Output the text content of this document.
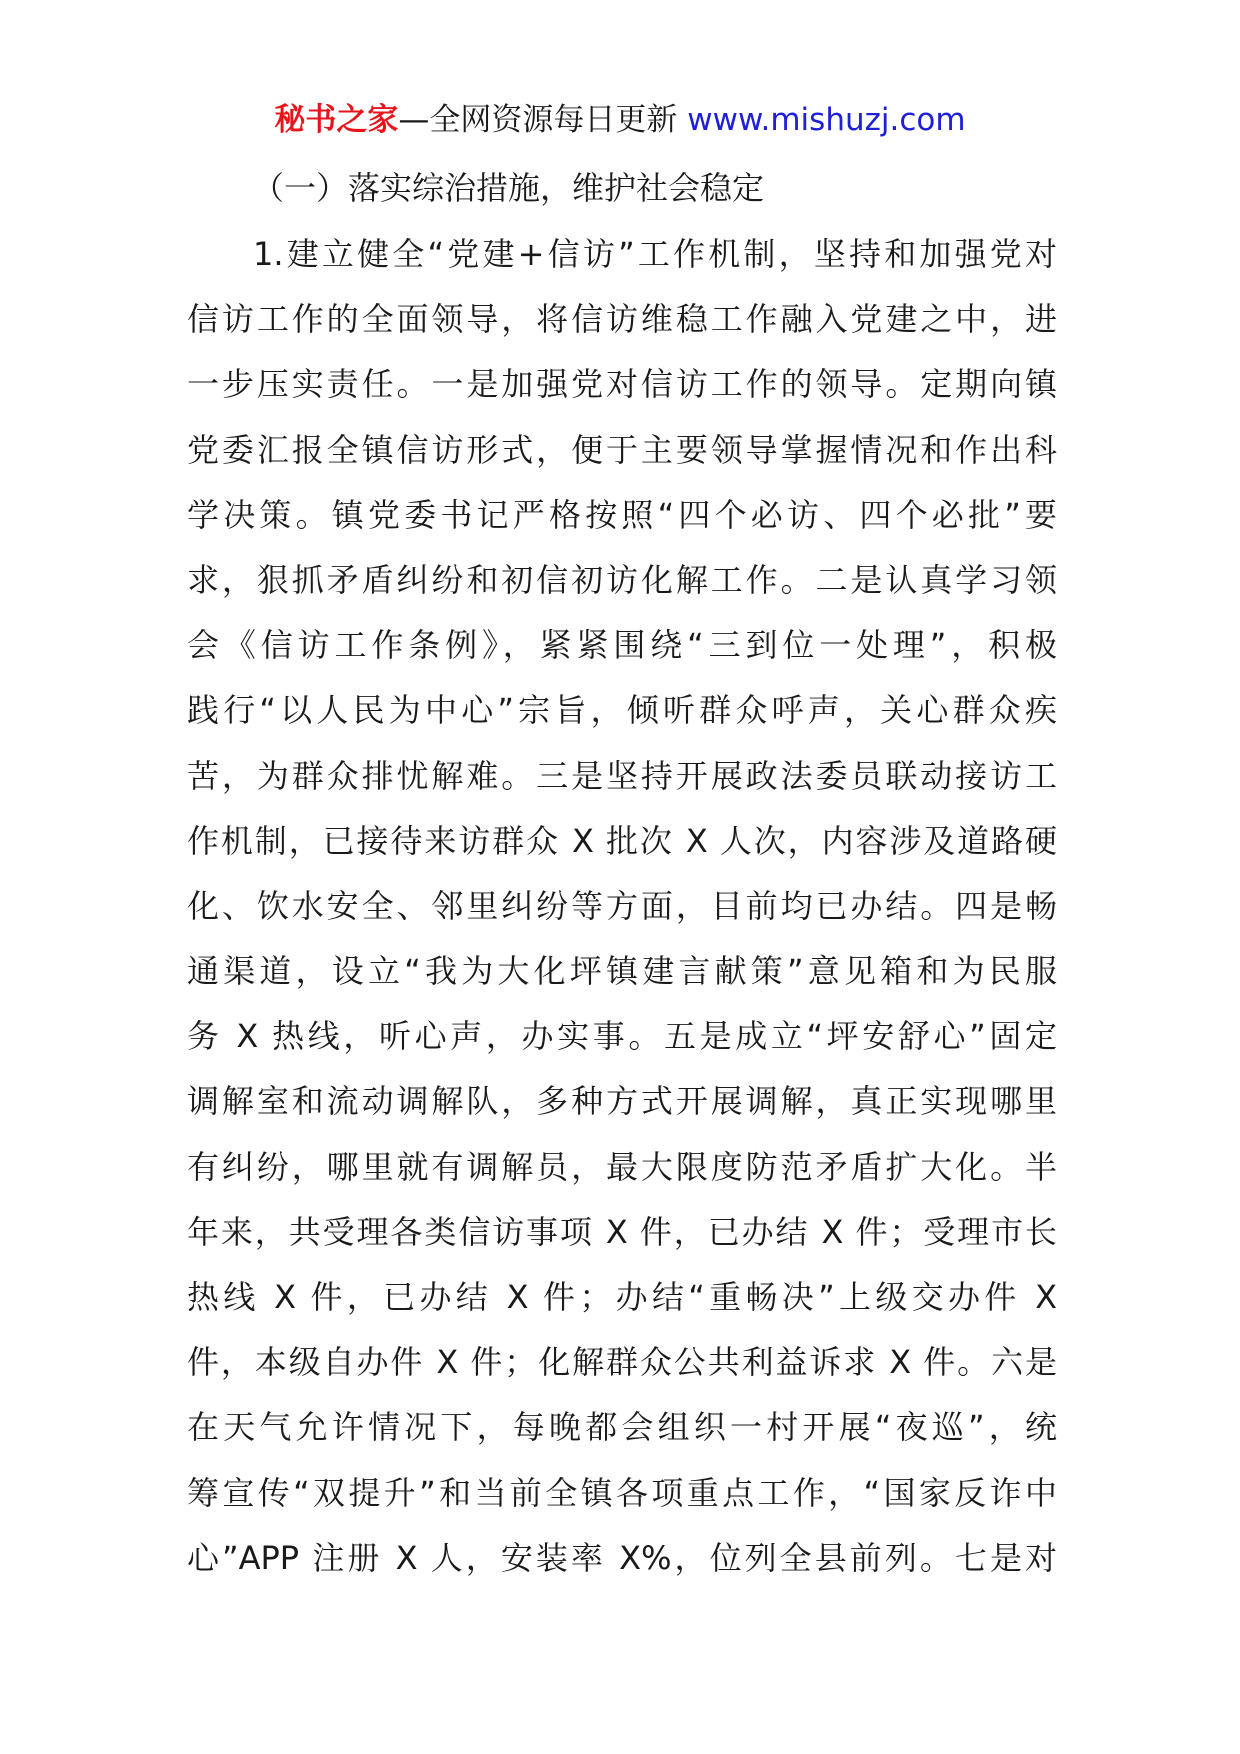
秘书之家—全网资源每日更新 www.mishuzj.com
（一）落实综治措施，维护社会稳定
1.建立健全“党建+信访”工作机制，坚持和加强党对
信访工作的全面领导，将信访维稳工作融入党建之中，进
一步压实责任。一是加强党对信访工作的领导。定期向镇
党委汇报全镇信访形式，便于主要领导掌握情况和作出科
学决策。镇党委书记严格按照“四个必访、四个必批”要
求，狠抓矛盾纠纷和初信初访化解工作。二是认真学习领
会《信访工作条例》，紧紧围绕“三到位一处理”，积极
践行“以人民为中心”宗旨，倾听群众呼声，关心群众疾
苦，为群众排忧解难。三是坚持开展政法委员联动接访工
作机制，已接待来访群众 X 批次 X 人次，内容涉及道路硬
化、饮水安全、邻里纠纷等方面，目前均已办结。四是畅
通渠道，设立“我为大化坪镇建言献策”意见箱和为民服
务 X 热线，听心声，办实事。五是成立“坪安舒心”固定
调解室和流动调解队，多种方式开展调解，真正实现哪里
有纠纷，哪里就有调解员，最大限度防范矛盾扩大化。半
年来，共受理各类信访事项 X 件，已办结 X 件；受理市长
热线 X 件，已办结 X 件；办结“重畅决”上级交办件 X
件，本级自办件 X 件；化解群众公共利益诉求 X 件。六是
在天气允许情况下，每晚都会组织一村开展“夜巡”，统
筹宣传“双提升”和当前全镇各项重点工作，“国家反诈中
心”APP 注册 X 人，安装率 X%，位列全县前列。七是对
